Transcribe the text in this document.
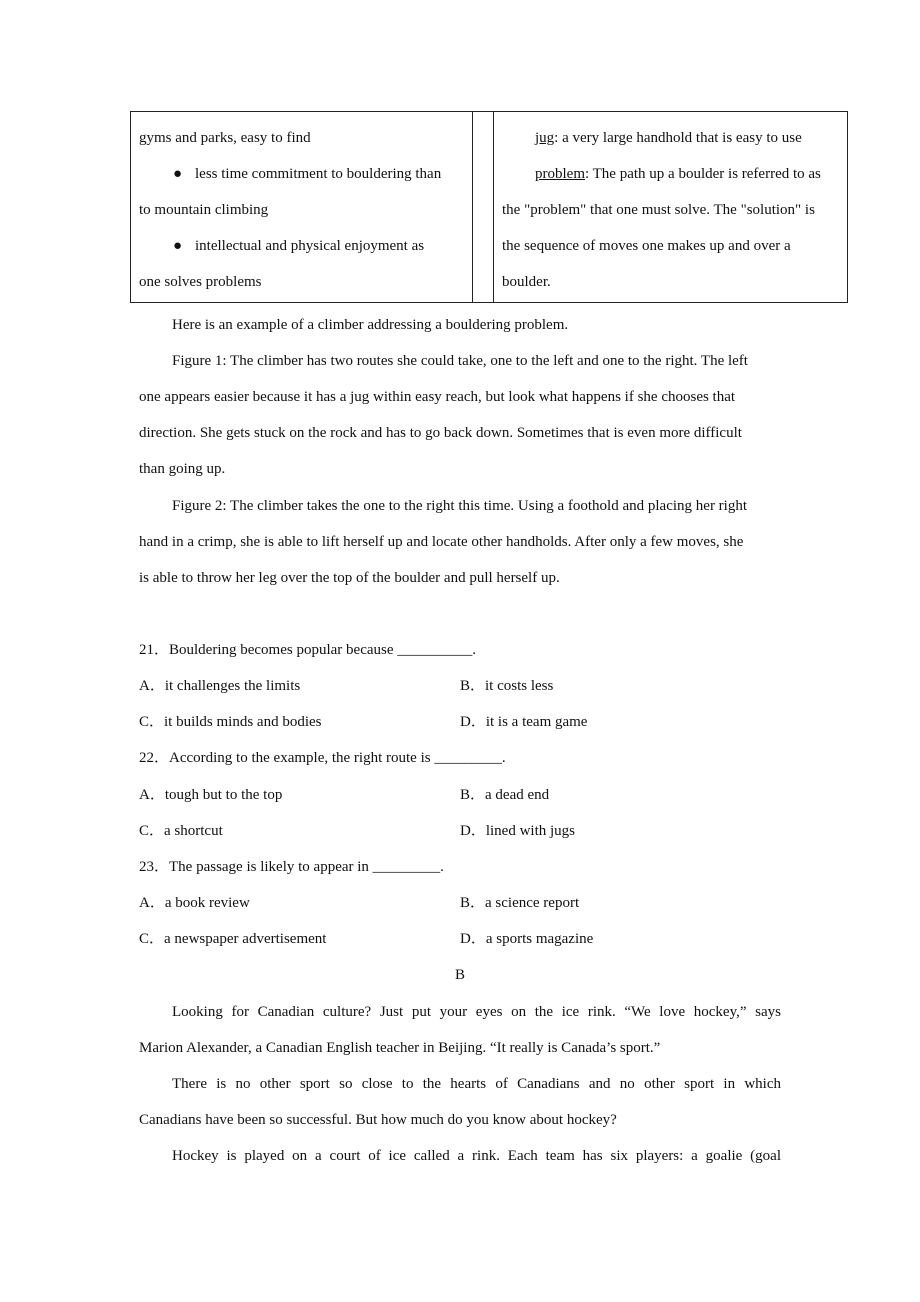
gyms and parks, easy to find
● less time commitment to bouldering than
to mountain climbing
● intellectual and physical enjoyment as
one solves problems
jug: a very large handhold that is easy to use
problem: The path up a boulder is referred to as
the "problem" that one must solve. The "solution" is
the sequence of moves one makes up and over a
boulder.
Here is an example of a climber addressing a bouldering problem.
Figure 1: The climber has two routes she could take, one to the left and one to the right. The left
one appears easier because it has a jug within easy reach, but look what happens if she chooses that
direction. She gets stuck on the rock and has to go back down. Sometimes that is even more difficult
than going up.
Figure 2: The climber takes the one to the right this time. Using a foothold and placing her right
hand in a crimp, she is able to lift herself up and locate other handholds. After only a few moves, she
is able to throw her leg over the top of the boulder and pull herself up.
21．Bouldering becomes popular because __________.
A．it challenges the limits	B．it costs less
C．it builds minds and bodies	D．it is a team game
22．According to the example, the right route is _________.
A．tough but to the top	B．a dead end
C．a shortcut	D．lined with jugs
23．The passage is likely to appear in _________.
A．a book review	B．a science report
C．a newspaper advertisement	D．a sports magazine
B
Looking for Canadian culture? Just put your eyes on the ice rink. “We love hockey,” says
Marion Alexander, a Canadian English teacher in Beijing. “It really is Canada’s sport.”
There is no other sport so close to the hearts of Canadians and no other sport in which
Canadians have been so successful. But how much do you know about hockey?
Hockey is played on a court of ice called a rink. Each team has six players: a goalie (goal
